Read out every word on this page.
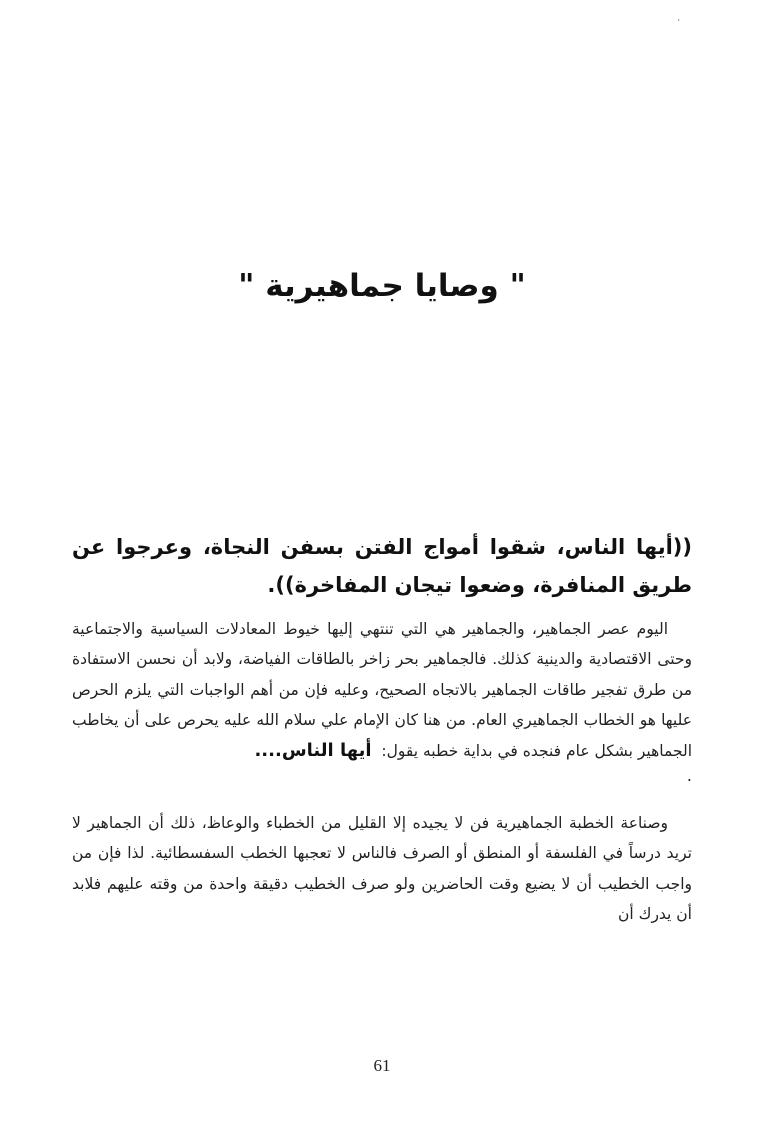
،
" وصايا جماهيرية "

((أيها الناس، شقوا أمواج الفتن بسفن النجاة، وعرجوا عن طريق المنافرة، وضعوا تيجان المفاخرة)).

اليوم عصر الجماهير، والجماهير هي التي تنتهي إليها خيوط المعادلات السياسية والاجتماعية وحتى الاقتصادية والدينية كذلك. فالجماهير بحر زاخر بالطاقات الفياضة، ولابد أن نحسن الاستفادة من طرق تفجير طاقات الجماهير بالاتجاه الصحيح، وعليه فإن من أهم الواجبات التي يلزم الحرص عليها هو الخطاب الجماهيري العام. من هنا كان الإمام علي سلام الله عليه يحرص على أن يخاطب الجماهير بشكل عام فنجده في بداية خطبه يقول:  أيها الناس....
.

وصناعة الخطبة الجماهيرية فن لا يجيده إلا القليل من الخطباء والوعاظ، ذلك أن الجماهير لا تريد درساً في الفلسفة أو المنطق أو الصرف فالناس لا تعجبها الخطب السفسطائية. لذا فإن من واجب الخطيب أن لا يضيع وقت الحاضرين ولو صرف الخطيب دقيقة واحدة من وقته عليهم فلابد أن يدرك أن

61
